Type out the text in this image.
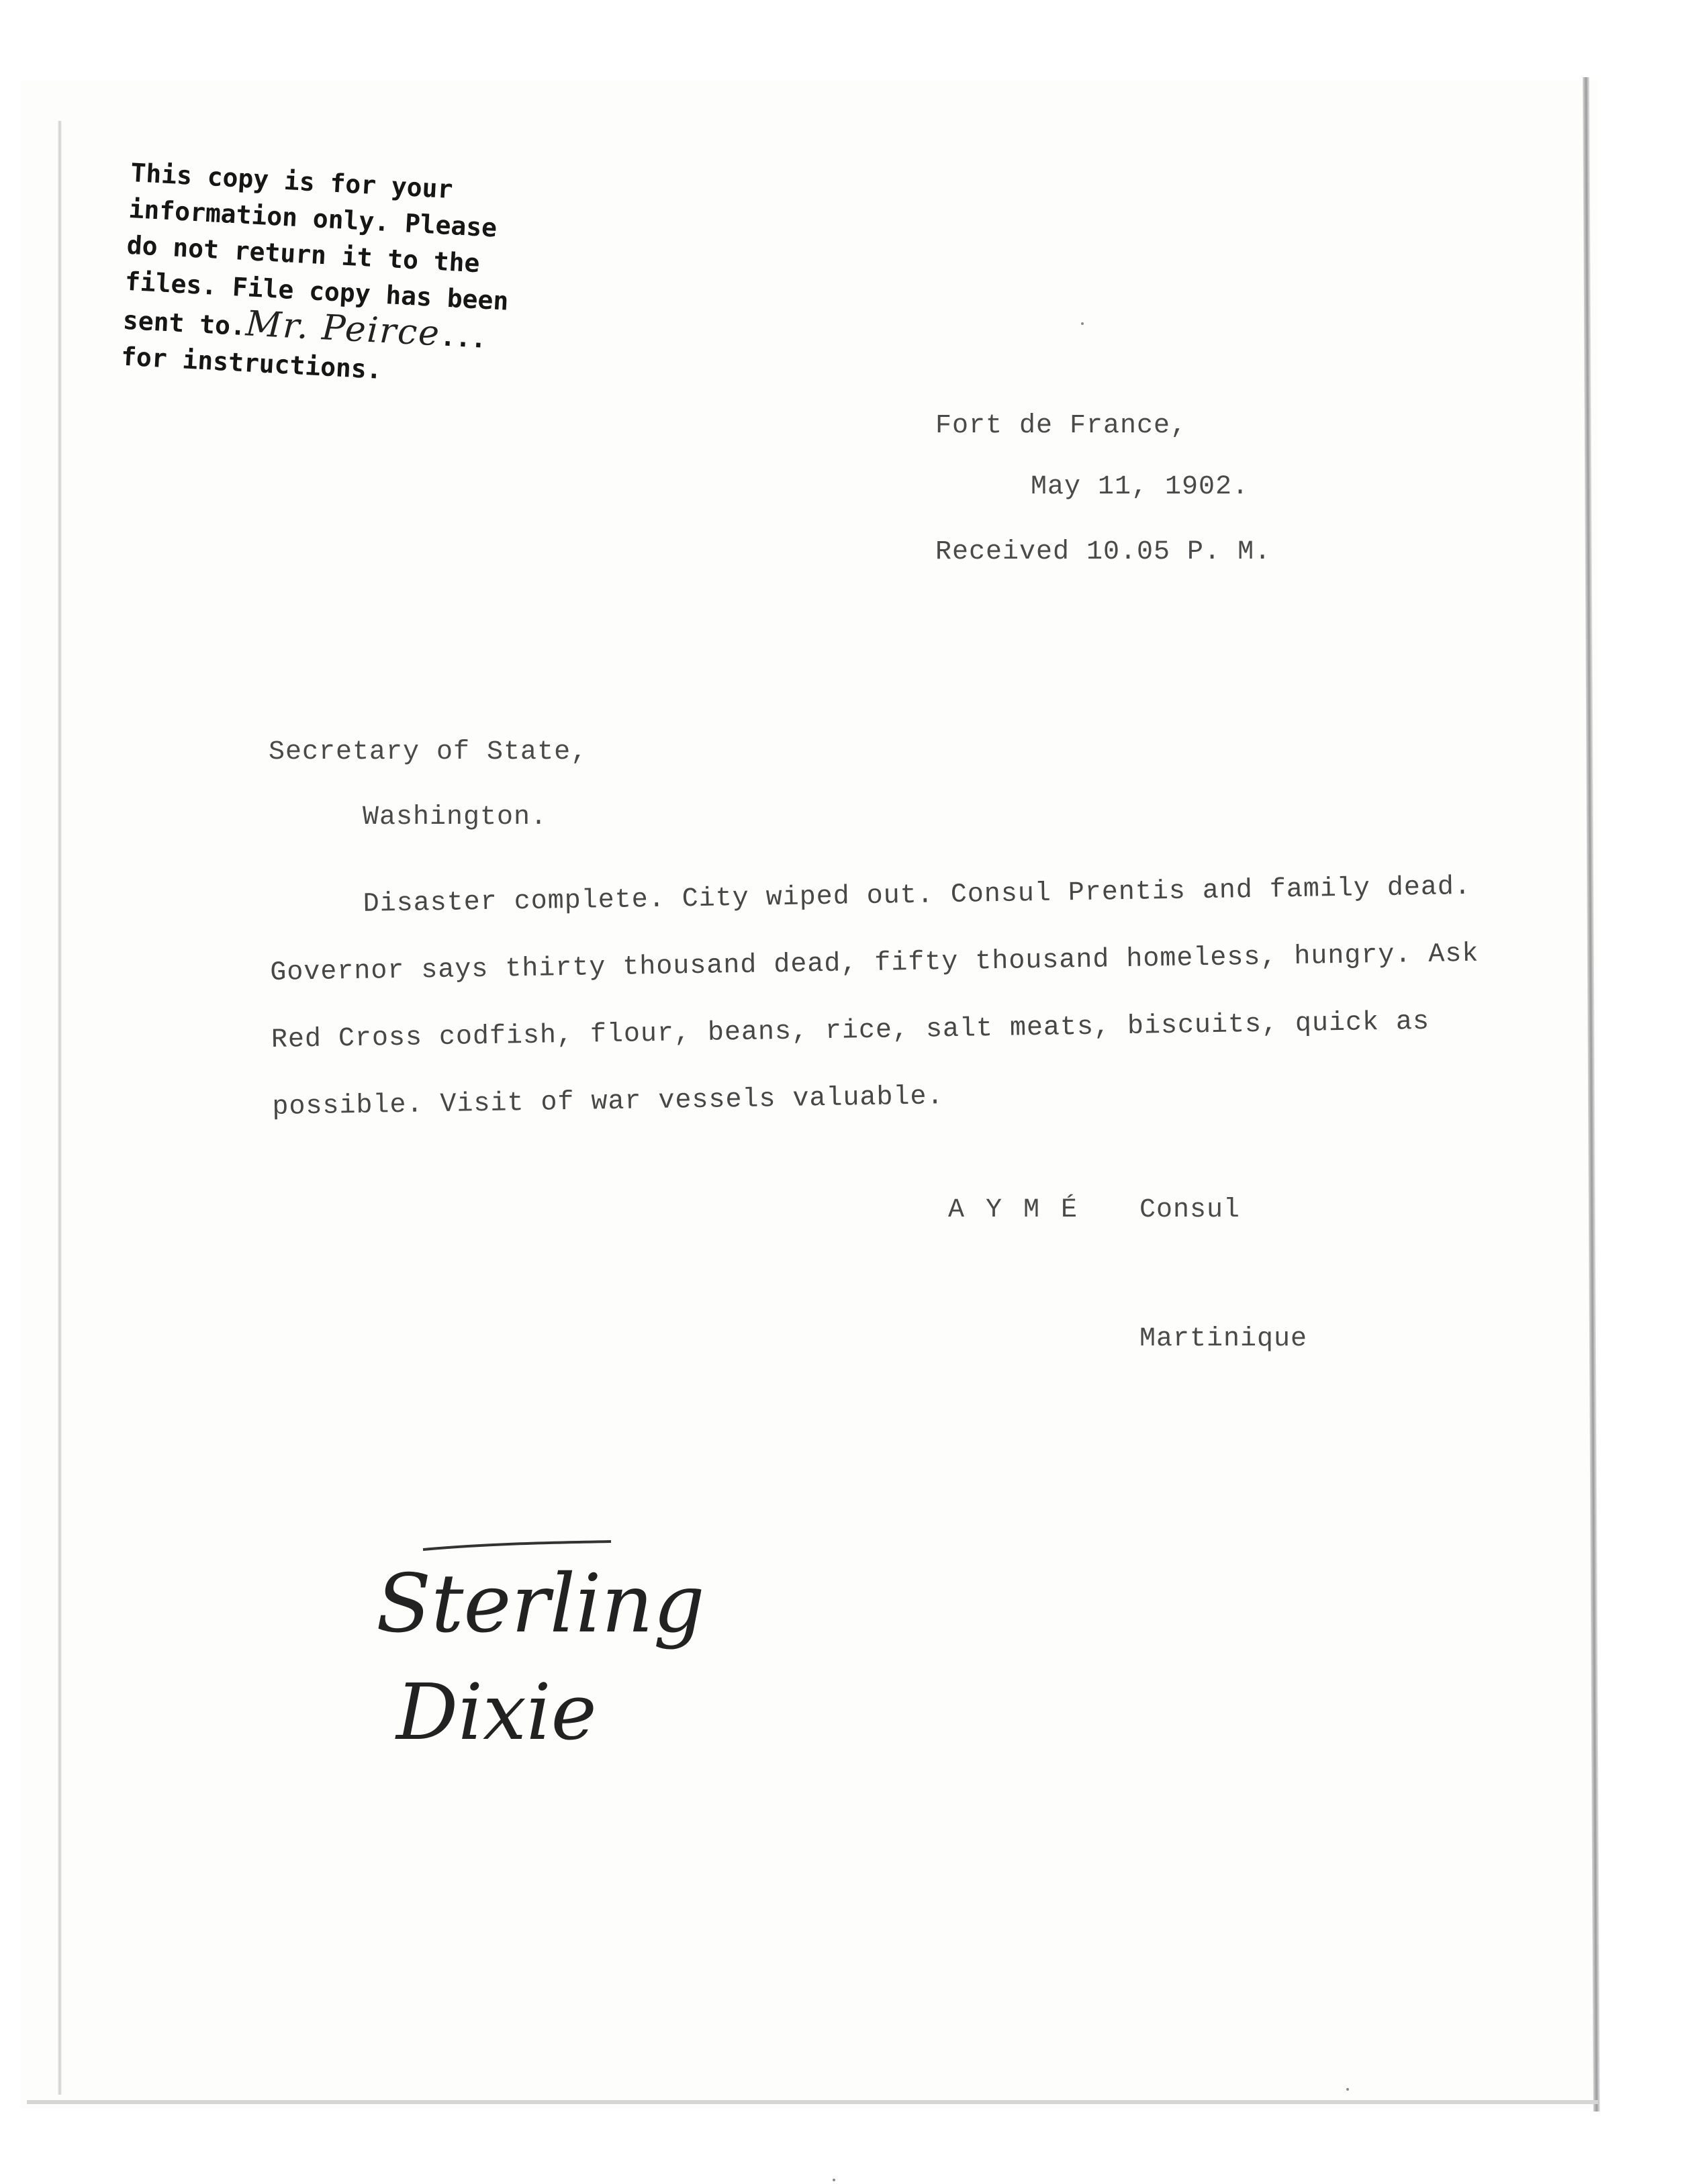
This copy is for your
information only. Please
do not return it to the
files. File copy has been
sent to.Mr. Peirce...
for instructions.
Fort de France,
May 11, 1902.
Received 10.05 P. M.
Secretary of State,
Washington.
Disaster complete. City wiped out. Consul Prentis and family dead. Governor says thirty thousand dead, fifty thousand homeless, hungry. Ask Red Cross codfish, flour, beans, rice, salt meats, biscuits, quick as possible. Visit of war vessels valuable.
A Y M É Consul
Martinique
Sterling
Dixie
